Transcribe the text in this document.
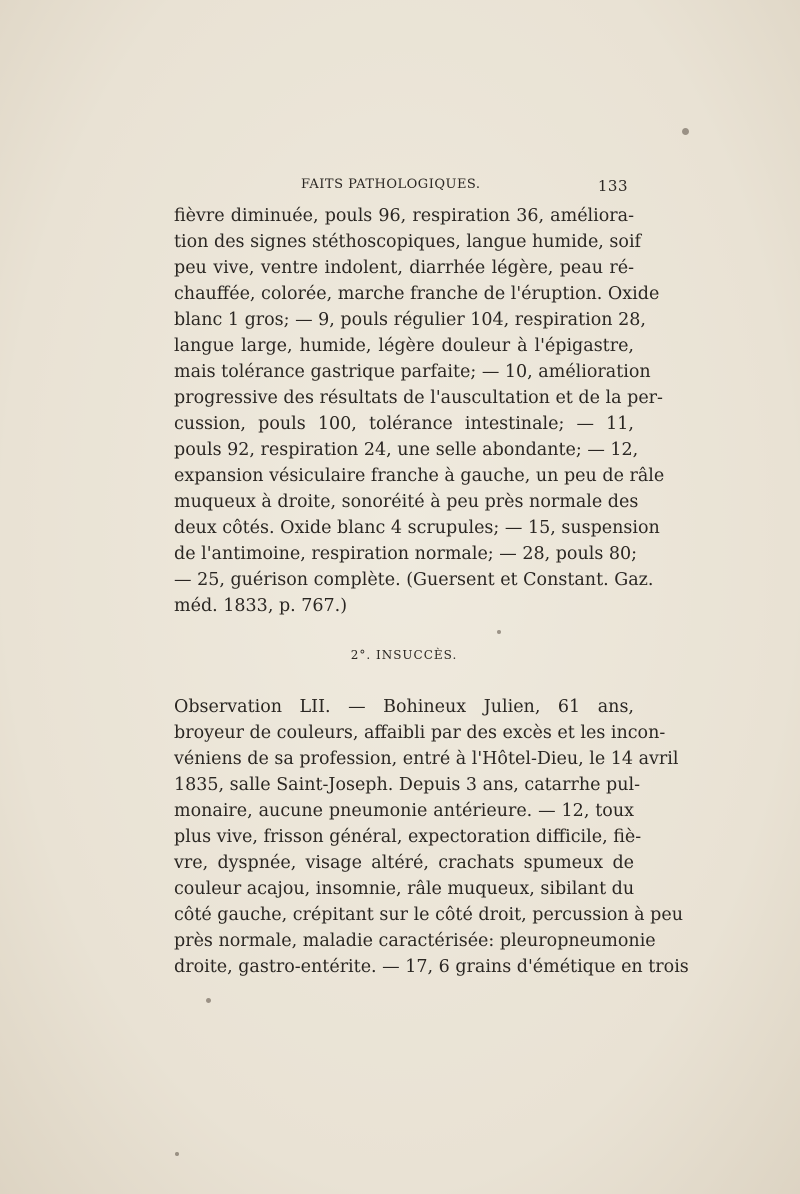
FAITS PATHOLOGIQUES.	133
fièvre diminuée, pouls 96, respiration 36, améliora-
tion des signes stéthoscopiques, langue humide, soif
peu vive, ventre indolent, diarrhée légère, peau ré-
chauffée, colorée, marche franche de l'éruption. Oxide
blanc 1 gros; — 9, pouls régulier 104, respiration 28,
langue large, humide, légère douleur à l'épigastre,
mais tolérance gastrique parfaite; — 10, amélioration
progressive des résultats de l'auscultation et de la per-
cussion, pouls 100, tolérance intestinale; — 11,
pouls 92, respiration 24, une selle abondante; — 12,
expansion vésiculaire franche à gauche, un peu de râle
muqueux à droite, sonoréité à peu près normale des
deux côtés. Oxide blanc 4 scrupules; — 15, suspension
de l'antimoine, respiration normale; — 28, pouls 80;
— 25, guérison complète. (Guersent et Constant. Gaz.
méd. 1833, p. 767.)
2°. INSUCCÈS.
Observation LII. — Bohineux Julien, 61 ans,
broyeur de couleurs, affaibli par des excès et les incon-
véniens de sa profession, entré à l'Hôtel-Dieu, le 14 avril
1835, salle Saint-Joseph. Depuis 3 ans, catarrhe pul-
monaire, aucune pneumonie antérieure. — 12, toux
plus vive, frisson général, expectoration difficile, fiè-
vre, dyspnée, visage altéré, crachats spumeux de
couleur acajou, insomnie, râle muqueux, sibilant du
côté gauche, crépitant sur le côté droit, percussion à peu
près normale, maladie caractérisée: pleuropneumonie
droite, gastro-entérite. — 17, 6 grains d'émétique en trois
